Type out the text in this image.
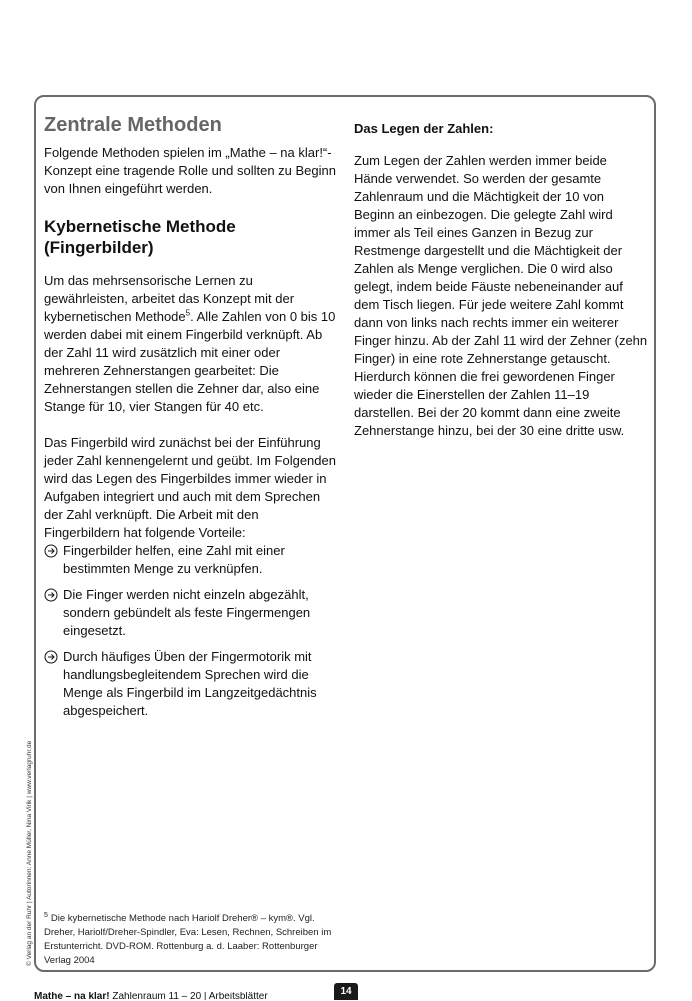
Zentrale Methoden

Folgende Methoden spielen im „Mathe – na klar!“-Konzept eine tragende Rolle und sollten zu Beginn von Ihnen eingeführt werden.

Kybernetische Methode
(Fingerbilder)

Um das mehrsensorische Lernen zu gewährleisten, arbeitet das Konzept mit der kybernetischen Methode$^5$. Alle Zahlen von 0 bis 10 werden dabei mit einem Fingerbild verknüpft. Ab der Zahl 11 wird zusätzlich mit einer oder mehreren Zehnerstangen gearbeitet: Die Zehnerstangen stellen die Zehner dar, also eine Stange für 10, vier Stangen für 40 etc.

Das Fingerbild wird zunächst bei der Einführung jeder Zahl kennengelernt und geübt. Im Folgenden wird das Legen des Fingerbildes immer wieder in Aufgaben integriert und auch mit dem Sprechen der Zahl verknüpft. Die Arbeit mit den Fingerbildern hat folgende Vorteile:

Fingerbilder helfen, eine Zahl mit einer bestimmten Menge zu verknüpfen.
Die Finger werden nicht einzeln abgezählt, sondern gebündelt als feste Fingermengen eingesetzt.
Durch häufiges Üben der Fingermotorik mit handlungsbegleitendem Sprechen wird die Menge als Fingerbild im Langzeitgedächtnis abgespeichert.

Das Legen der Zahlen:

Zum Legen der Zahlen werden immer beide Hände verwendet. So werden der gesamte Zahlenraum und die Mächtigkeit der 10 von Beginn an einbezogen. Die gelegte Zahl wird immer als Teil eines Ganzen in Bezug zur Restmenge dargestellt und die Mächtigkeit der Zahlen als Menge verglichen. Die 0 wird also gelegt, indem beide Fäuste nebeneinander auf dem Tisch liegen. Für jede weitere Zahl kommt dann von links nach rechts immer ein weiterer Finger hinzu. Ab der Zahl 11 wird der Zehner (zehn Finger) in eine rote Zehnerstange getauscht. Hierdurch können die frei gewordenen Finger wieder die Einerstellen der Zahlen 11–19 darstellen. Bei der 20 kommt dann eine zweite Zehnerstange hinzu, bei der 30 eine dritte usw.

$^5$ Die kybernetische Methode nach Hariolf Dreher® – kym®. Vgl. Dreher, Hariolf/Dreher-Spindler, Eva: Lesen, Rechnen, Schreiben im Erstunterricht. DVD-ROM. Rottenburg a. d. Laaber: Rottenburger Verlag 2004
© Verlag an der Ruhr | Autorinnen: Anne Müller, Nina Virik | www.verlagruhr.de
Mathe – na klar! Zahlenraum 11 – 20 | Arbeitsblätter	14
